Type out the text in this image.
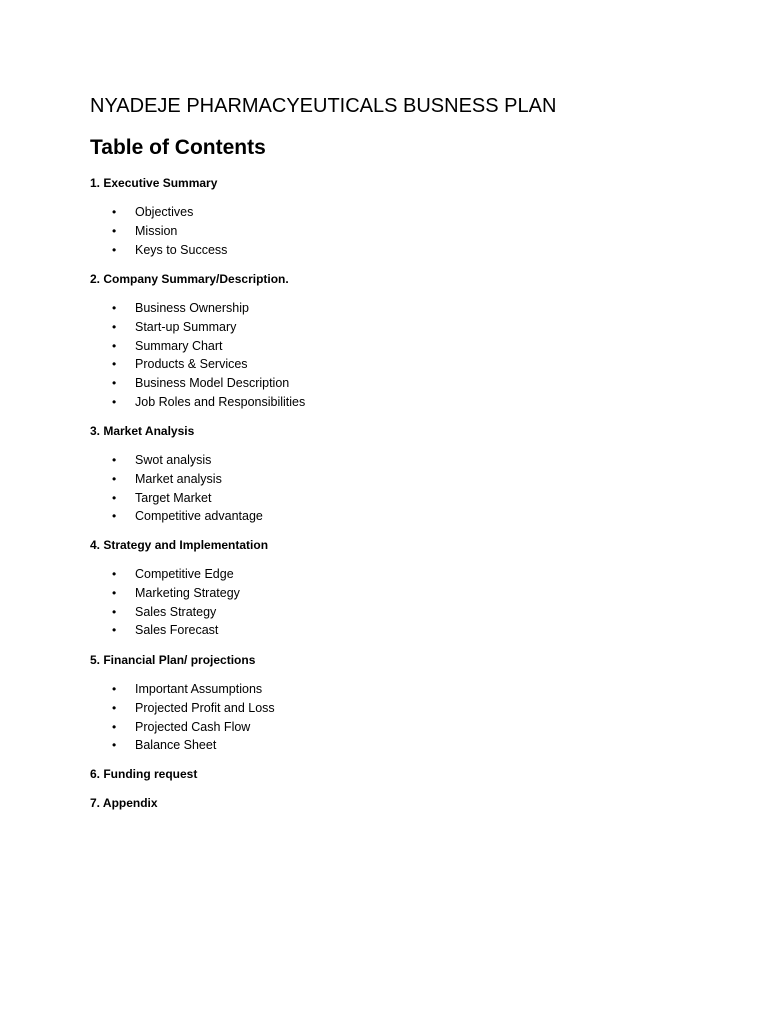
NYADEJE PHARMACYEUTICALS BUSNESS PLAN
Table of Contents
1. Executive Summary
• Objectives
• Mission
• Keys to Success
2. Company Summary/Description.
• Business Ownership
• Start-up Summary
• Summary Chart
• Products & Services
• Business Model Description
• Job Roles and Responsibilities
3. Market Analysis
• Swot analysis
• Market analysis
• Target Market
• Competitive advantage
4. Strategy and Implementation
• Competitive Edge
• Marketing Strategy
• Sales Strategy
• Sales Forecast
5. Financial Plan/ projections
• Important Assumptions
• Projected Profit and Loss
• Projected Cash Flow
• Balance Sheet
6. Funding request
7. Appendix
